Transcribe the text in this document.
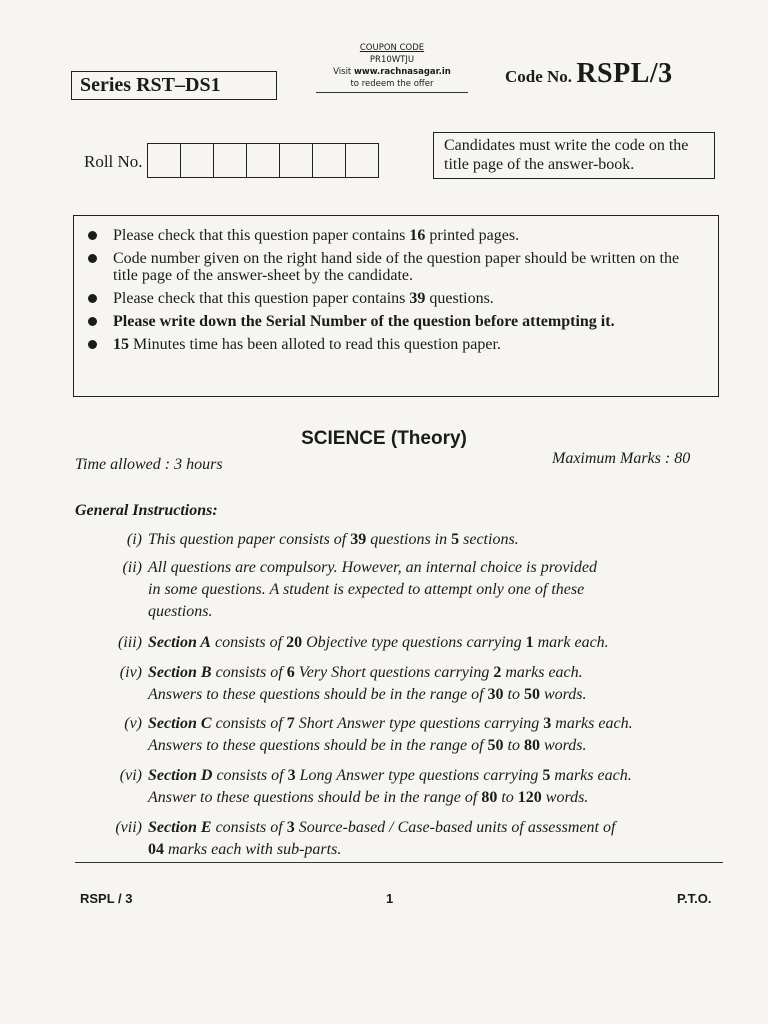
Series RST–DS1
COUPON CODE
PR10WTJU
Visit www.rachnasagar.in
to redeem the offer	Code No. RSPL/3
Roll No.
Candidates must write the code on the title page of the answer-book.
Please check that this question paper contains 16 printed pages.
Code number given on the right hand side of the question paper should be written on the title page of the answer-sheet by the candidate.
Please check that this question paper contains 39 questions.
Please write down the Serial Number of the question before attempting it.
15 Minutes time has been alloted to read this question paper.
SCIENCE (Theory)
Time allowed : 3 hours	Maximum Marks : 80
General Instructions:
(i) This question paper consists of 39 questions in 5 sections.
(ii) All questions are compulsory. However, an internal choice is provided
in some questions. A student is expected to attempt only one of these
questions.
(iii) Section A consists of 20 Objective type questions carrying 1 mark each.
(iv) Section B consists of 6 Very Short questions carrying 2 marks each.
Answers to these questions should be in the range of 30 to 50 words.
(v) Section C consists of 7 Short Answer type questions carrying 3 marks each.
Answers to these questions should be in the range of 50 to 80 words.
(vi) Section D consists of 3 Long Answer type questions carrying 5 marks each.
Answer to these questions should be in the range of 80 to 120 words.
(vii) Section E consists of 3 Source-based / Case-based units of assessment of
04 marks each with sub-parts.
RSPL / 3	1	P.T.O.
